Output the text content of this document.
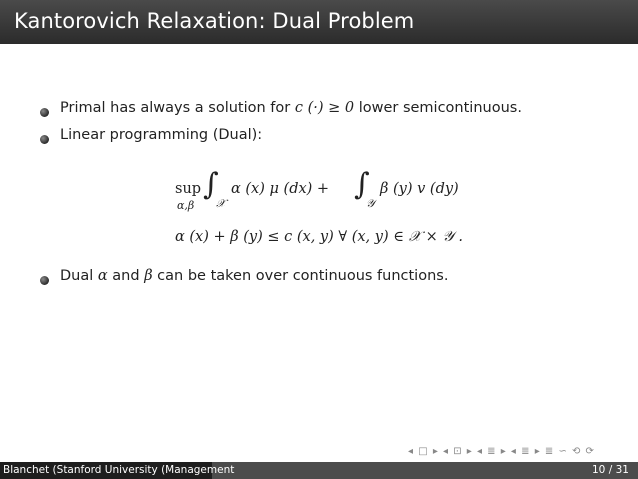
Kantorovich Relaxation: Dual Problem
Primal has always a solution for c (·) ≥ 0 lower semicontinuous.
Linear programming (Dual):
sup
α,β
∫
𝒳
α (x) μ (dx) + ∫
𝒴
β (y) v (dy)
α (x) + β (y) ≤ c (x, y) ∀ (x, y) ∈ 𝒳 × 𝒴 .
Dual α and β can be taken over continuous functions.
◂ □ ▸ ◂ ⊡ ▸ ◂ ≣ ▸ ◂ ≣ ▸ ≣ ∽ ⟲ ⟳
Blanchet (Stanford University (Management	10 / 31
